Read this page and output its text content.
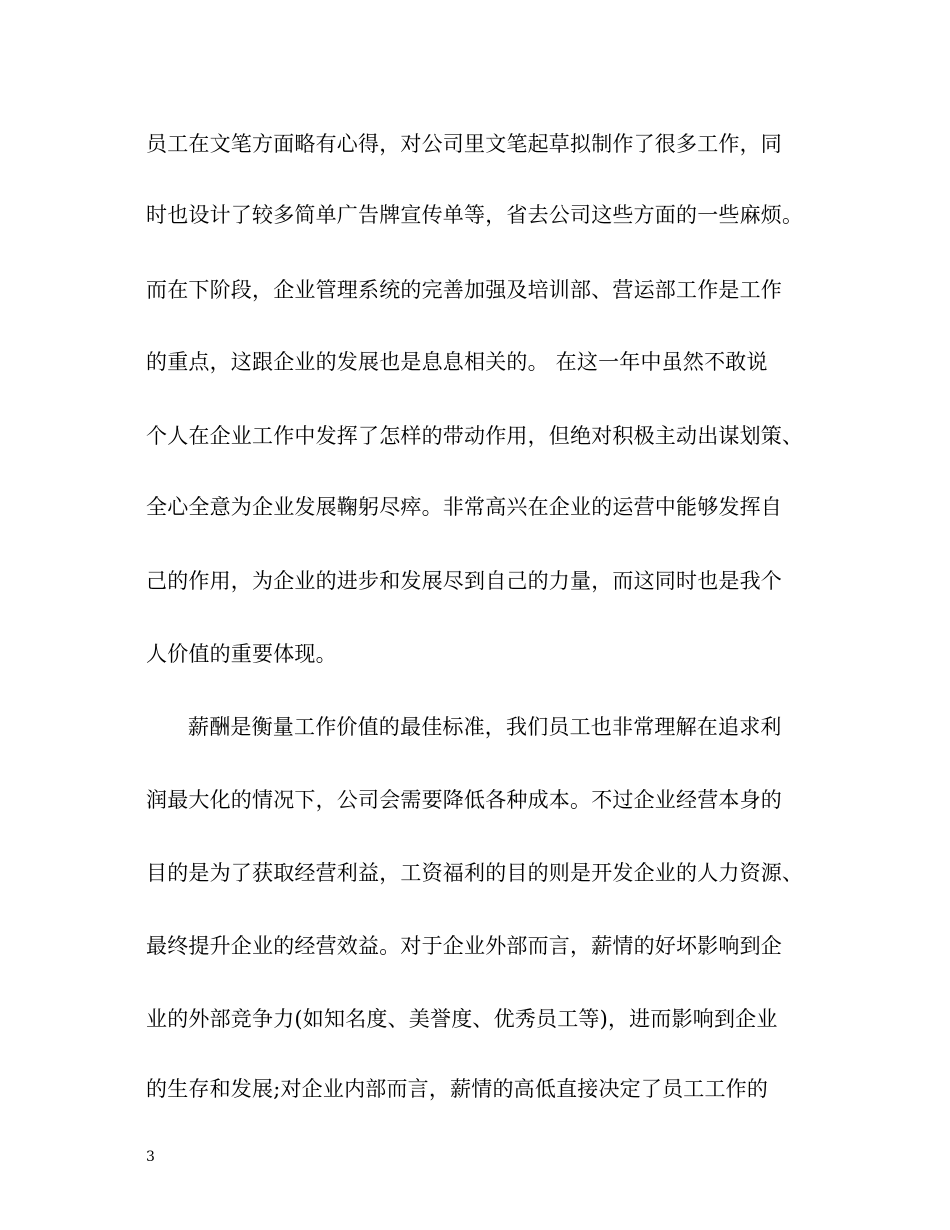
员工在文笔方面略有心得，对公司里文笔起草拟制作了很多工作，同
时也设计了较多简单广告牌宣传单等，省去公司这些方面的一些麻烦。
而在下阶段，企业管理系统的完善加强及培训部、营运部工作是工作
的重点，这跟企业的发展也是息息相关的。 在这一年中虽然不敢说
个人在企业工作中发挥了怎样的带动作用，但绝对积极主动出谋划策、
全心全意为企业发展鞠躬尽瘁。非常高兴在企业的运营中能够发挥自
己的作用，为企业的进步和发展尽到自己的力量，而这同时也是我个
人价值的重要体现。
薪酬是衡量工作价值的最佳标准，我们员工也非常理解在追求利
润最大化的情况下，公司会需要降低各种成本。不过企业经营本身的
目的是为了获取经营利益，工资福利的目的则是开发企业的人力资源、
最终提升企业的经营效益。对于企业外部而言，薪情的好坏影响到企
业的外部竞争力(如知名度、美誉度、优秀员工等)，进而影响到企业
的生存和发展;对企业内部而言，薪情的高低直接决定了员工工作的
3
